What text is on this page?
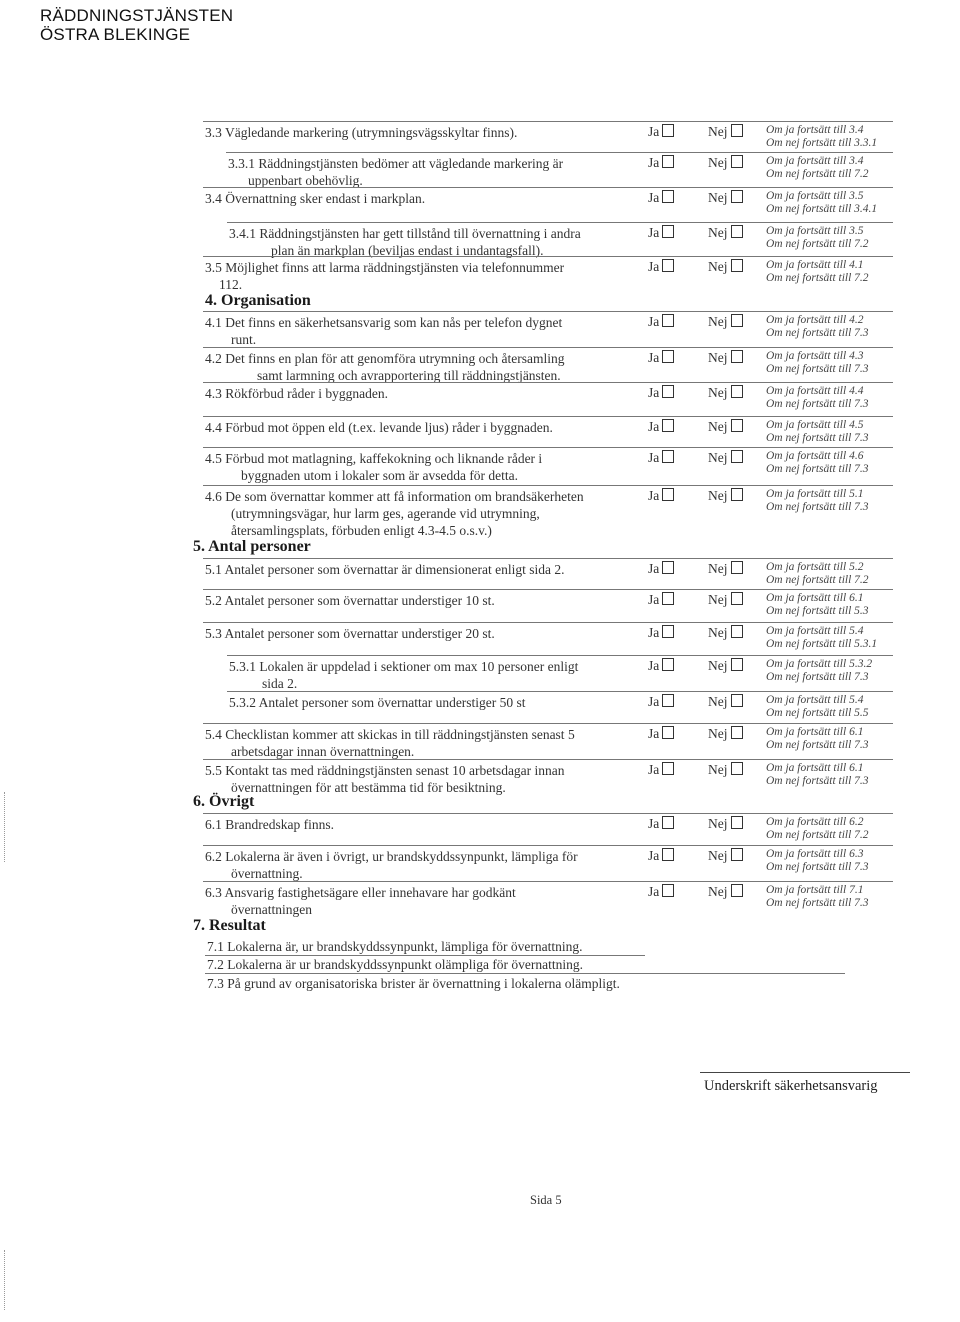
RÄDDNINGSTJÄNSTEN
ÖSTRA BLEKINGE
3.3 Vägledande markering (utrymningsvägsskyltar finns).	Ja	Nej	Om ja fortsätt till 3.4
Om nej fortsätt till 3.3.1
3.3.1 Räddningstjänsten bedömer att vägledande markering är
uppenbart obehövlig.
Ja	Nej	Om ja fortsätt till 3.4
Om nej fortsätt till 7.2
3.4 Övernattning sker endast i markplan.	Ja	Nej	Om ja fortsätt till 3.5
Om nej fortsätt till 3.4.1
3.4.1 Räddningstjänsten har gett tillstånd till övernattning i andra
plan än markplan (beviljas endast i undantagsfall).
Ja	Nej	Om ja fortsätt till 3.5
Om nej fortsätt till 7.2
3.5 Möjlighet finns att larma räddningstjänsten via telefonnummer
112.
Ja	Nej	Om ja fortsätt till 4.1
Om nej fortsätt till 7.2
4.1 Det finns en säkerhetsansvarig som kan nås per telefon dygnet
runt.
Ja	Nej	Om ja fortsätt till 4.2
Om nej fortsätt till 7.3
4.2 Det finns en plan för att genomföra utrymning och återsamling
samt larmning och avrapportering till räddningstjänsten.
Ja	Nej	Om ja fortsätt till 4.3
Om nej fortsätt till 7.3
4.3 Rökförbud råder i byggnaden.	Ja	Nej	Om ja fortsätt till 4.4
Om nej fortsätt till 7.3
4.4 Förbud mot öppen eld (t.ex. levande ljus) råder i byggnaden.	Ja	Nej	Om ja fortsätt till 4.5
Om nej fortsätt till 7.3
4.5 Förbud mot matlagning, kaffekokning och liknande råder i
byggnaden utom i lokaler som är avsedda för detta.
Ja	Nej	Om ja fortsätt till 4.6
Om nej fortsätt till 7.3
4.6 De som övernattar kommer att få information om brandsäkerheten
(utrymningsvägar, hur larm ges, agerande vid utrymning,
återsamlingsplats, förbuden enligt 4.3-4.5 o.s.v.)
Ja	Nej	Om ja fortsätt till 5.1
Om nej fortsätt till 7.3
5.1 Antalet personer som övernattar är dimensionerat enligt sida 2.	Ja	Nej	Om ja fortsätt till 5.2
Om nej fortsätt till 7.2
5.2 Antalet personer som övernattar understiger 10 st.	Ja	Nej	Om ja fortsätt till 6.1
Om nej fortsätt till 5.3
5.3 Antalet personer som övernattar understiger 20 st.	Ja	Nej	Om ja fortsätt till 5.4
Om nej fortsätt till 5.3.1
5.3.1 Lokalen är uppdelad i sektioner om max 10 personer enligt
sida 2.
Ja	Nej	Om ja fortsätt till 5.3.2
Om nej fortsätt till 7.3
5.3.2 Antalet personer som övernattar understiger 50 st	Ja	Nej	Om ja fortsätt till 5.4
Om nej fortsätt till 5.5
5.4 Checklistan kommer att skickas in till räddningstjänsten senast 5
arbetsdagar innan övernattningen.
Ja	Nej	Om ja fortsätt till 6.1
Om nej fortsätt till 7.3
5.5 Kontakt tas med räddningstjänsten senast 10 arbetsdagar innan
övernattningen för att bestämma tid för besiktning.
Ja	Nej	Om ja fortsätt till 6.1
Om nej fortsätt till 7.3
6.1 Brandredskap finns.	Ja	Nej	Om ja fortsätt till 6.2
Om nej fortsätt till 7.2
6.2 Lokalerna är även i övrigt, ur brandskyddssynpunkt, lämpliga för
övernattning.
Ja	Nej	Om ja fortsätt till 6.3
Om nej fortsätt till 7.3
6.3 Ansvarig fastighetsägare eller innehavare har godkänt
övernattningen
Ja	Nej	Om ja fortsätt till 7.1
Om nej fortsätt till 7.3
4. Organisation
5. Antal personer
6. Övrigt
7. Resultat
7.1 Lokalerna är, ur brandskyddssynpunkt, lämpliga för övernattning.
7.2 Lokalerna är ur brandskyddssynpunkt olämpliga för övernattning.
7.3 På grund av organisatoriska brister är övernattning i lokalerna olämpligt.
Underskrift säkerhetsansvarig
Sida 5
